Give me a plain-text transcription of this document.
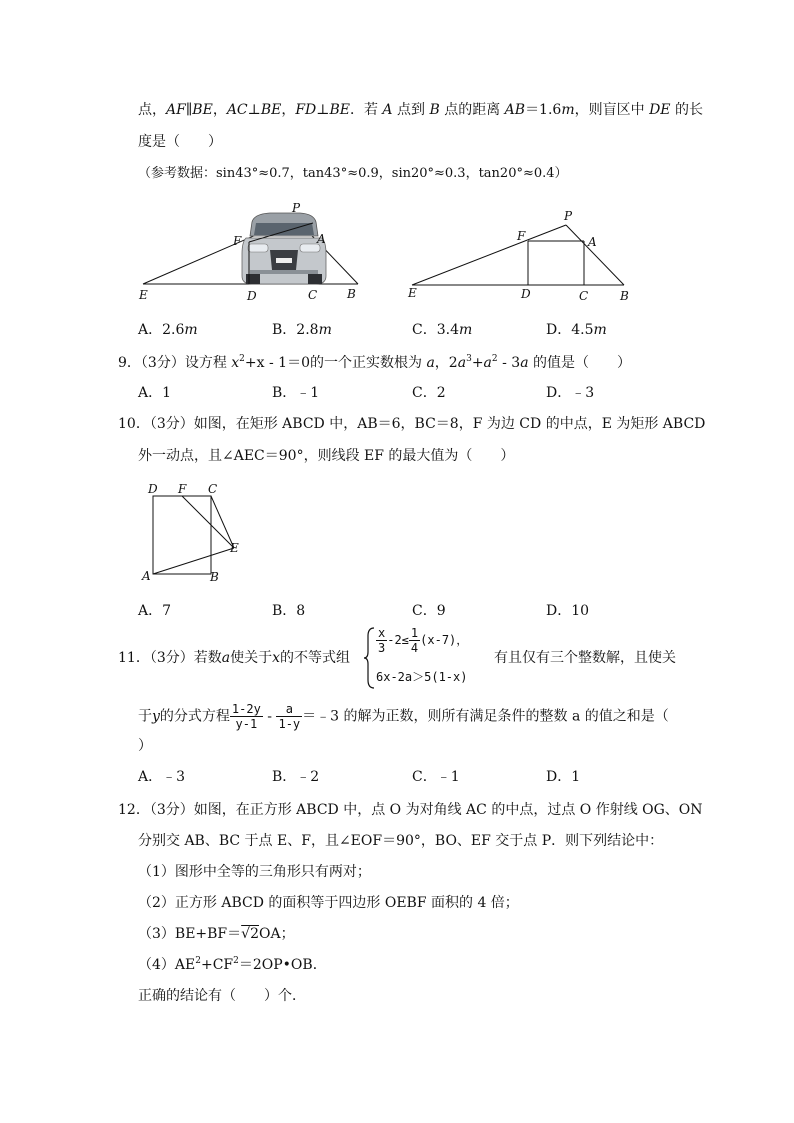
点，AF∥BE，AC⊥BE，FD⊥BE．若 A 点到 B 点的距离 AB＝1.6m，则盲区中 DE 的长
度是（　　）
（参考数据：sin43°≈0.7，tan43°≈0.9，sin20°≈0.3，tan20°≈0.4）
P
F	A
E	D	C B
P
F	A
E	D	C	B
A．2.6m	B．2.8m	C．3.4m	D．4.5m
9．（3分）设方程 $x^2+x - 1=0$的一个正实数根为 a，$2a^3+a^2 - 3a$ 的值是（　　）
A．1	B．﹣1	C．2	D．﹣3
10．（3分）如图，在矩形 ABCD 中，AB＝6，BC＝8，F 为边 CD 的中点，E 为矩形 ABCD
外一动点，且∠AEC＝90°，则线段 EF 的最大值为（　　）
D F C
E
A	B
A．7	B．8	C．9	D．10
11．（3分）若数a使关于x的不等式组
$\frac{x}{3} -2\le \frac{1}{4} (x-7)$，
6x-2a＞5(1-x)
有且仅有三个整数解，且使关
于y的分式方程 $\frac{1-2y}{y-1} - \frac{a}{1-y}$ ＝﹣3 的解为正数，则所有满足条件的整数 a 的值之和是（
）
A．﹣3	B．﹣2	C．﹣1	D．1
12．（3分）如图，在正方形 ABCD 中，点 O 为对角线 AC 的中点，过点 O 作射线 OG、ON
分别交 AB、BC 于点 E、F，且∠EOF＝90°，BO、EF 交于点 P．则下列结论中：
（1）图形中全等的三角形只有两对；
（2）正方形 ABCD 的面积等于四边形 OEBF 面积的 4 倍；
（3）BE+BF＝√2OA；
$(4)AE^2+CF^2=2OP•OB$．
正确的结论有（　　）个．
